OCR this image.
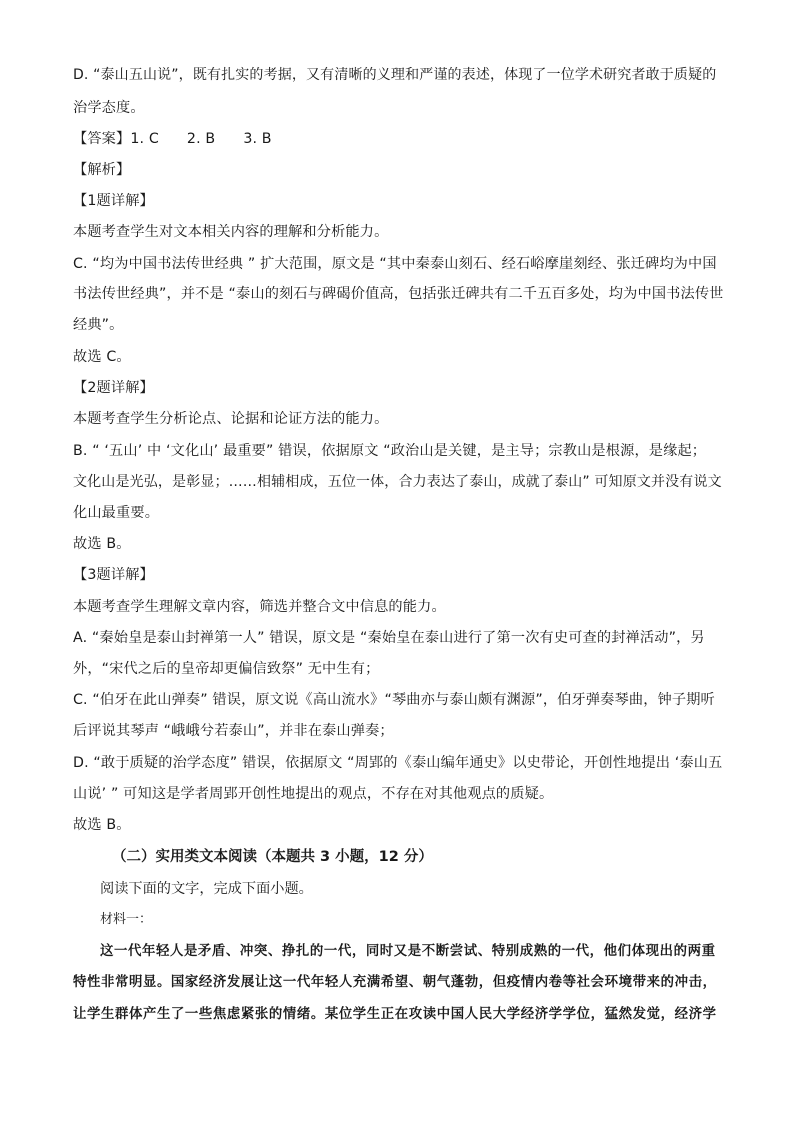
D. “泰山五山说”，既有扎实的考据，又有清晰的义理和严谨的表述，体现了一位学术研究者敢于质疑的
治学态度。
【答案】1. C 2. B 3. B
【解析】
【1题详解】
本题考查学生对文本相关内容的理解和分析能力。
C. “均为中国书法传世经典 ” 扩大范围，原文是 “其中秦泰山刻石、经石峪摩崖刻经、张迁碑均为中国
书法传世经典”，并不是 “泰山的刻石与碑碣价值高，包括张迁碑共有二千五百多处，均为中国书法传世
经典”。
故选 C。
【2题详解】
本题考查学生分析论点、论据和论证方法的能力。
B. “ ‘五山’ 中 ‘文化山’ 最重要” 错误，依据原文 “政治山是关键，是主导；宗教山是根源，是缘起；
文化山是光弘，是彰显；……相辅相成，五位一体，合力表达了泰山，成就了泰山” 可知原文并没有说文
化山最重要。
故选 B。
【3题详解】
本题考查学生理解文章内容，筛选并整合文中信息的能力。
A. “秦始皇是泰山封禅第一人” 错误，原文是 “秦始皇在泰山进行了第一次有史可查的封禅活动”，另
外，“宋代之后的皇帝却更偏信致祭” 无中生有；
C. “伯牙在此山弹奏” 错误，原文说《高山流水》“琴曲亦与泰山颇有渊源”，伯牙弹奏琴曲，钟子期听
后评说其琴声 “峨峨兮若泰山”，并非在泰山弹奏；
D. “敢于质疑的治学态度” 错误，依据原文 “周郢的《泰山编年通史》以史带论，开创性地提出 ‘泰山五
山说’ ” 可知这是学者周郢开创性地提出的观点，不存在对其他观点的质疑。
故选 B。
（二）实用类文本阅读（本题共 3 小题，12 分）
阅读下面的文字，完成下面小题。
材料一：
这一代年轻人是矛盾、冲突、挣扎的一代，同时又是不断尝试、特别成熟的一代，他们体现出的两重
特性非常明显。国家经济发展让这一代年轻人充满希望、朝气蓬勃，但疫情内卷等社会环境带来的冲击，
让学生群体产生了一些焦虑紧张的情绪。某位学生正在攻读中国人民大学经济学学位，猛然发觉，经济学
